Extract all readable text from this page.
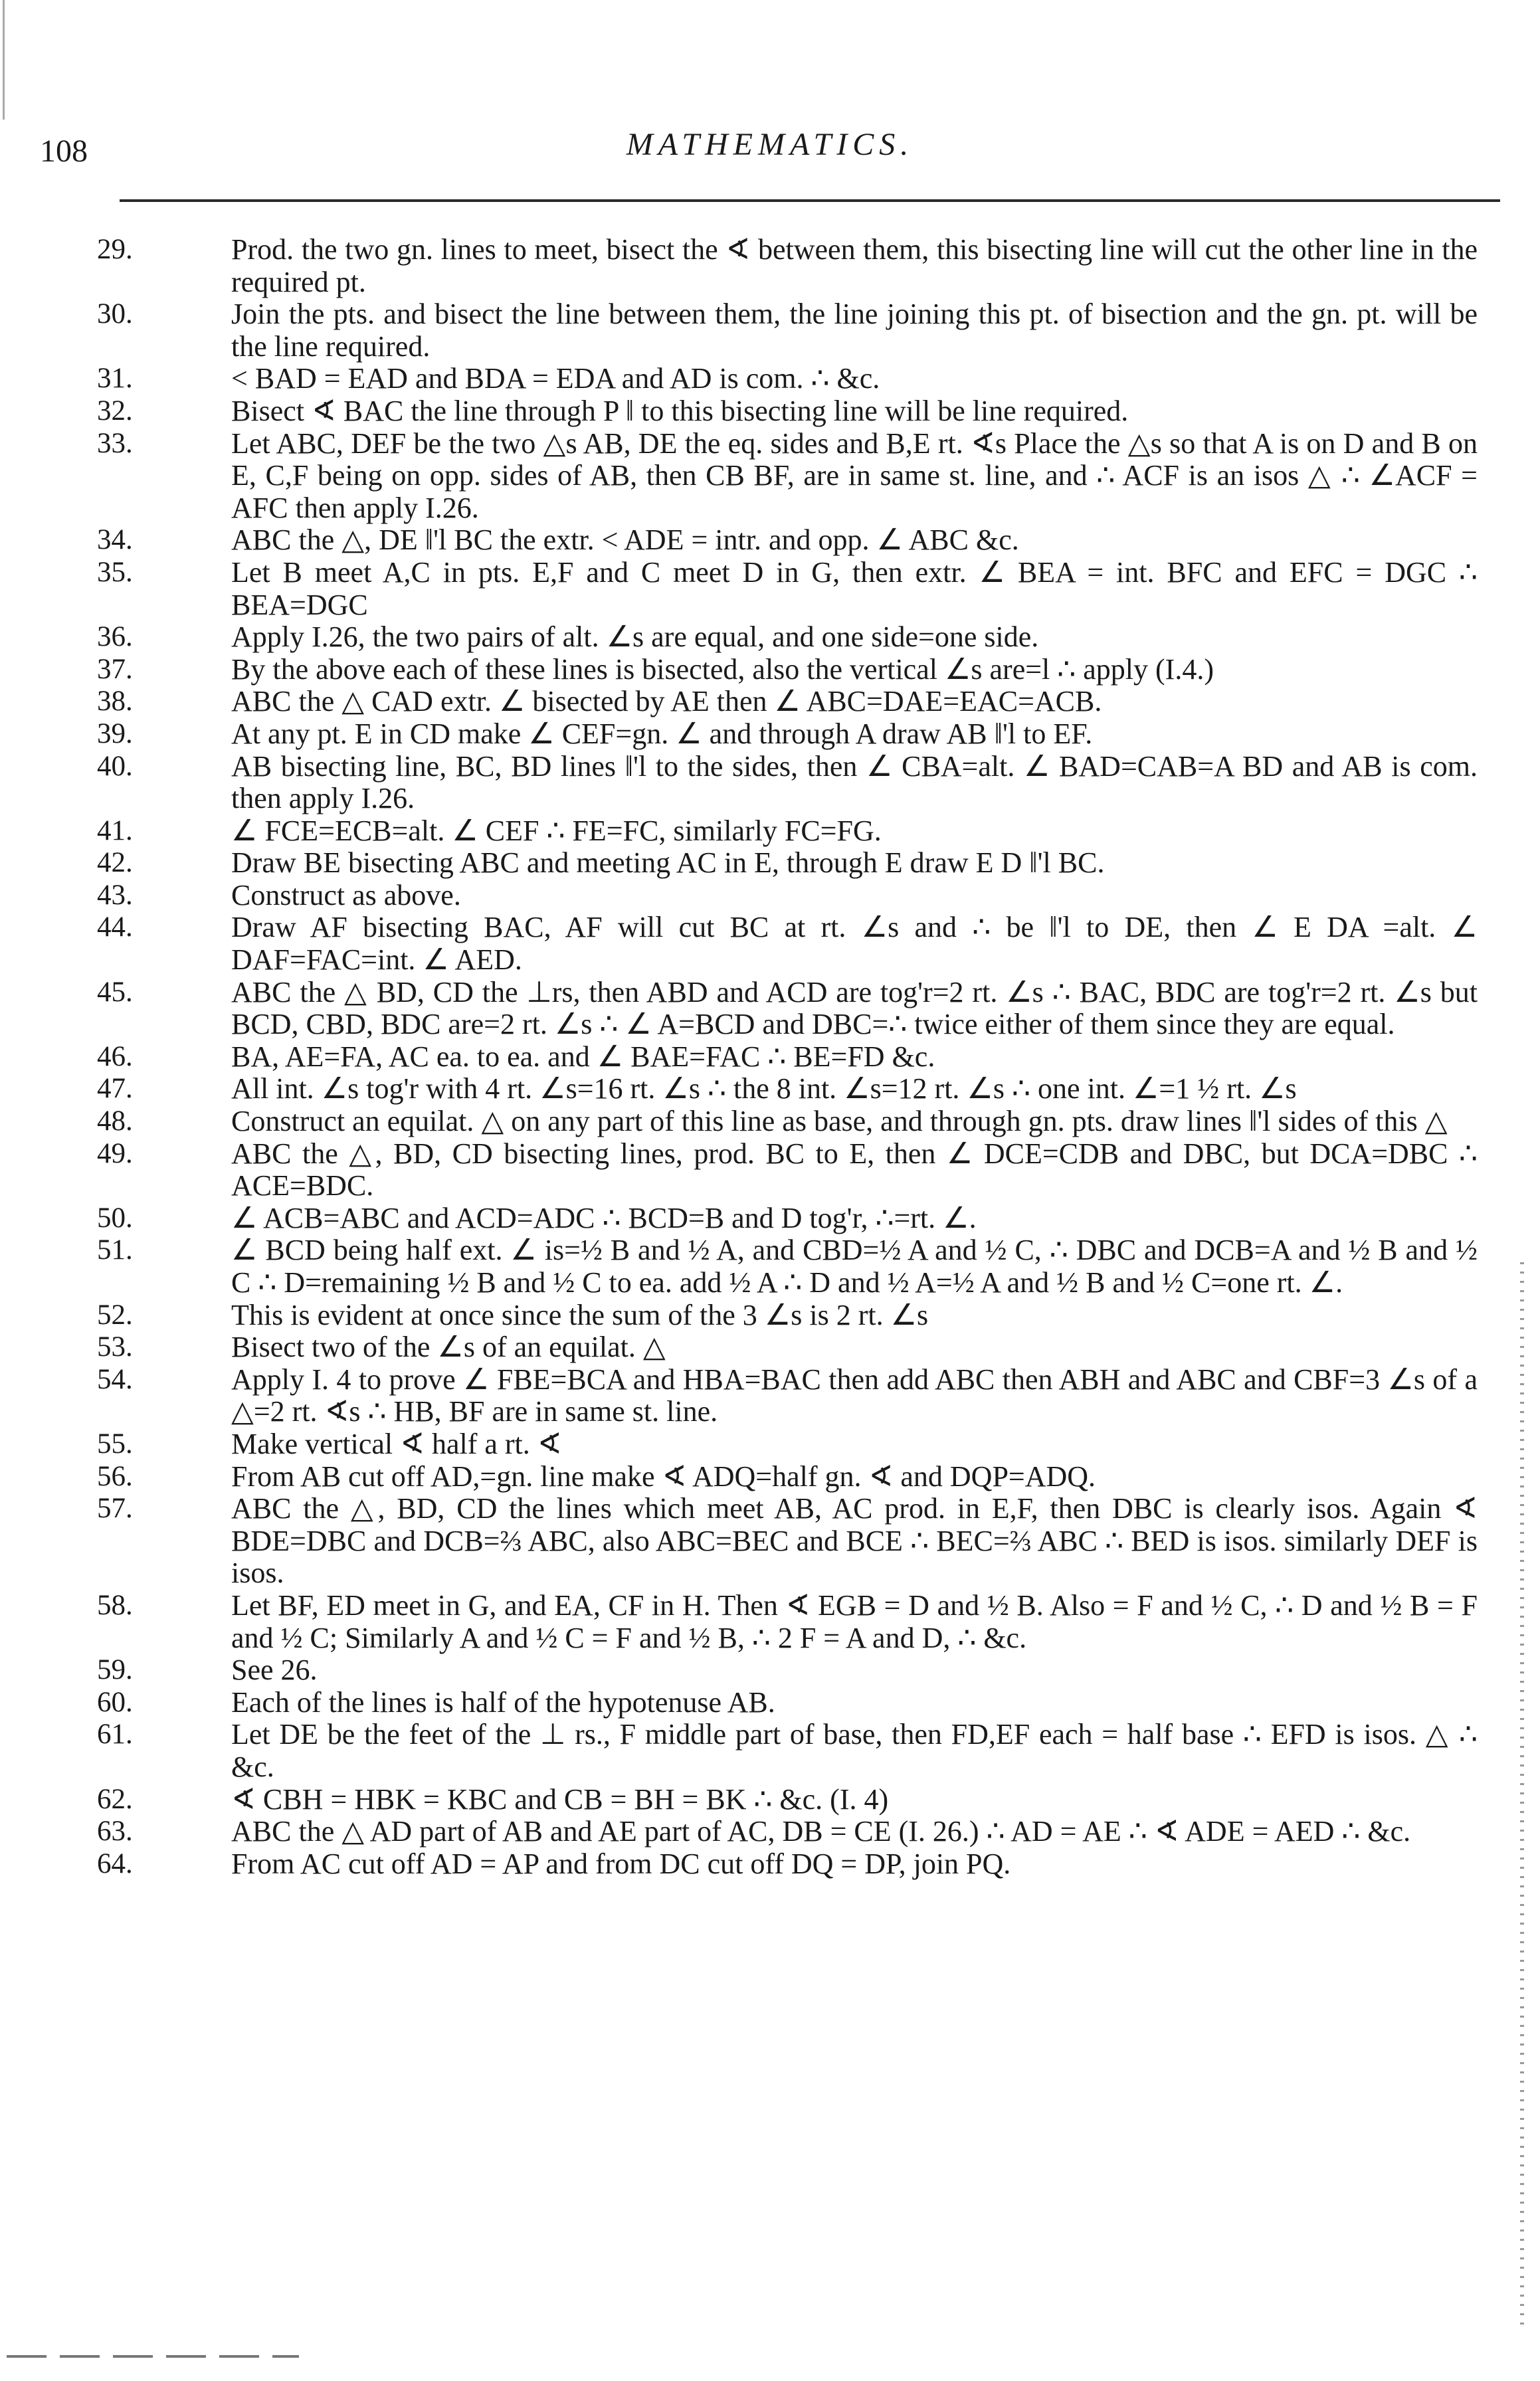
108	MATHEMATICS.
29.	Prod. the two gn. lines to meet, bisect the ∢ between them, this bisecting line will cut the other line in the required pt.
30.	Join the pts. and bisect the line between them, the line joining this pt. of bisection and the gn. pt. will be the line required.
31.	< BAD = EAD and BDA = EDA and AD is com. ∴ &c.
32.	Bisect ∢ BAC the line through P ‖ to this bisecting line will be line required.
33.	Let ABC, DEF be the two △s AB, DE the eq. sides and B,E rt. ∢s Place the △s so that A is on D and B on E, C,F being on opp. sides of AB, then CB BF, are in same st. line, and ∴ ACF is an isos △ ∴ ∠ACF = AFC then apply I.26.
34.	ABC the △, DE ‖'l BC the extr. < ADE = intr. and opp. ∠ ABC &c.
35.	Let B meet A,C in pts. E,F and C meet D in G, then extr. ∠ BEA = int. BFC and EFC = DGC ∴ BEA=DGC
36.	Apply I.26, the two pairs of alt. ∠s are equal, and one side=one side.
37.	By the above each of these lines is bisected, also the vertical ∠s are=l ∴ apply (I.4.)
38.	ABC the △ CAD extr. ∠ bisected by AE then ∠ ABC=DAE=EAC=ACB.
39.	At any pt. E in CD make ∠ CEF=gn. ∠ and through A draw AB ‖'l to EF.
40.	AB bisecting line, BC, BD lines ‖'l to the sides, then ∠ CBA=alt. ∠ BAD=CAB=A BD and AB is com. then apply I.26.
41.	∠ FCE=ECB=alt. ∠ CEF ∴ FE=FC, similarly FC=FG.
42.	Draw BE bisecting ABC and meeting AC in E, through E draw E D ‖'l BC.
43.	Construct as above.
44.	Draw AF bisecting BAC, AF will cut BC at rt. ∠s and ∴ be ‖'l to DE, then ∠ E DA =alt. ∠ DAF=FAC=int. ∠ AED.
45.	ABC the △ BD, CD the ⊥rs, then ABD and ACD are tog'r=2 rt. ∠s ∴ BAC, BDC are tog'r=2 rt. ∠s but BCD, CBD, BDC are=2 rt. ∠s ∴ ∠ A=BCD and DBC=∴ twice either of them since they are equal.
46.	BA, AE=FA, AC ea. to ea. and ∠ BAE=FAC ∴ BE=FD &c.
47.	All int. ∠s tog'r with 4 rt. ∠s=16 rt. ∠s ∴ the 8 int. ∠s=12 rt. ∠s ∴ one int. ∠=1 ½ rt. ∠s
48.	Construct an equilat. △ on any part of this line as base, and through gn. pts. draw lines ‖'l sides of this △
49.	ABC the △, BD, CD bisecting lines, prod. BC to E, then ∠ DCE=CDB and DBC, but DCA=DBC ∴ ACE=BDC.
50.	∠ ACB=ABC and ACD=ADC ∴ BCD=B and D tog'r, ∴=rt. ∠.
51.	∠ BCD being half ext. ∠ is=½ B and ½ A, and CBD=½ A and ½ C, ∴ DBC and DCB=A and ½ B and ½ C ∴ D=remaining ½ B and ½ C to ea. add ½ A ∴ D and ½ A=½ A and ½ B and ½ C=one rt. ∠.
52.	This is evident at once since the sum of the 3 ∠s is 2 rt. ∠s
53.	Bisect two of the ∠s of an equilat. △
54.	Apply I. 4 to prove ∠ FBE=BCA and HBA=BAC then add ABC then ABH and ABC and CBF=3 ∠s of a △=2 rt. ∢s ∴ HB, BF are in same st. line.
55.	Make vertical ∢ half a rt. ∢
56.	From AB cut off AD,=gn. line make ∢ ADQ=half gn. ∢ and DQP=ADQ.
57.	ABC the △, BD, CD the lines which meet AB, AC prod. in E,F, then DBC is clearly isos. Again ∢ BDE=DBC and DCB=⅔ ABC, also ABC=BEC and BCE ∴ BEC=⅔ ABC ∴ BED is isos. similarly DEF is isos.
58.	Let BF, ED meet in G, and EA, CF in H. Then ∢ EGB = D and ½ B. Also = F and ½ C, ∴ D and ½ B = F and ½ C; Similarly A and ½ C = F and ½ B, ∴ 2 F = A and D, ∴ &c.
59.	See 26.
60.	Each of the lines is half of the hypotenuse AB.
61.	Let DE be the feet of the ⊥ rs., F middle part of base, then FD,EF each = half base ∴ EFD is isos. △ ∴ &c.
62.	∢ CBH = HBK = KBC and CB = BH = BK ∴ &c. (I. 4)
63.	ABC the △ AD part of AB and AE part of AC, DB = CE (I. 26.) ∴ AD = AE ∴ ∢ ADE = AED ∴ &c.
64.	From AC cut off AD = AP and from DC cut off DQ = DP, join PQ.
